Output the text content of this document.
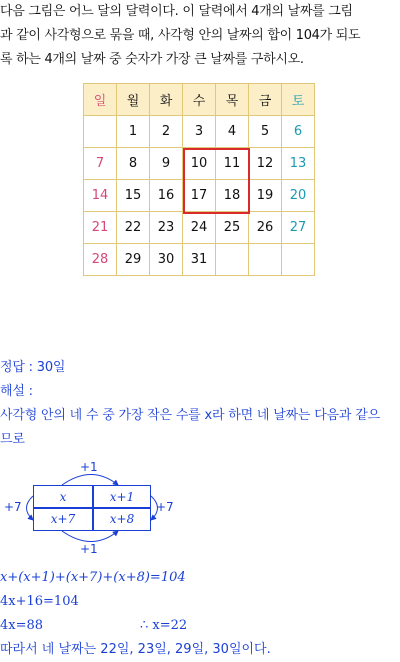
다음 그림은 어느 달의 달력이다. 이 달력에서 4개의 날짜를 그림
과 같이 사각형으로 묶을 때, 사각형 안의 날짜의 합이 104가 되도
록 하는 4개의 날짜 중 숫자가 가장 큰 날짜를 구하시오.
일	월	화	수	목	금	토
	1	2	3	4	5	6
7	8	9	10	11	12	13
14	15	16	17	18	19	20
21	22	23	24	25	26	27
28	29	30	31			
정답 : 30일
해설 :
사각형 안의 네 수 중 가장 작은 수를 x라 하면 네 날짜는 다음과 같으
므로
+1
+1
+7	+7
x	x+1
x+7	x+8
x+(x+1)+(x+7)+(x+8)=104
4x+16=104
4x=88	∴ x=22
따라서 네 날짜는 22일, 23일, 29일, 30일이다.
